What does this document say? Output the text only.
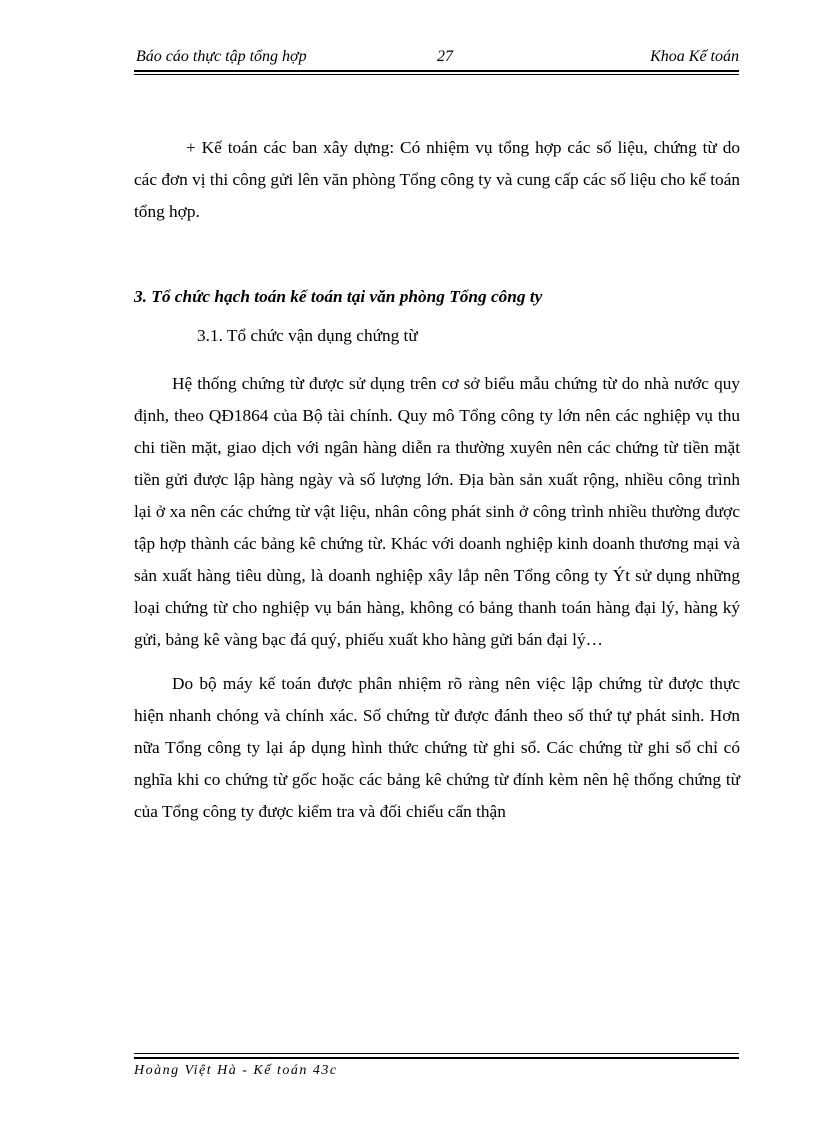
Báo cáo thực tập tổng hợp	27	Khoa Kế toán

+ Kế toán các ban xây dựng: Có nhiệm vụ tổng hợp các số liệu, chứng từ do các đơn vị thi công gửi lên văn phòng Tổng công ty và cung cấp các số liệu cho kế toán tổng hợp.

3. Tổ chức hạch toán kế toán tại văn phòng Tổng công ty
3.1. Tổ chức vận dụng chứng từ

Hệ thống chứng từ được sử dụng trên cơ sở biểu mẫu chứng từ do nhà nước quy định, theo QĐ1864 của Bộ tài chính. Quy mô Tổng công ty lớn nên các nghiệp vụ thu chi tiền mặt, giao dịch với ngân hàng diễn ra thường xuyên nên các chứng từ tiền mặt tiền gửi được lập hàng ngày và số lượng lớn. Địa bàn sản xuất rộng, nhiều công trình lại ở xa nên các chứng từ vật liệu, nhân công phát sinh ở công trình nhiều thường được tập hợp thành các bảng kê chứng từ. Khác với doanh nghiệp kinh doanh thương mại và sản xuất hàng tiêu dùng, là doanh nghiệp xây lắp nên Tổng công ty Ýt sử dụng những loại chứng từ cho nghiệp vụ bán hàng, không có bảng thanh toán hàng đại lý, hàng ký gửi, bảng kê vàng bạc đá quý, phiếu xuất kho hàng gửi bán đại lý…

Do bộ máy kế toán được phân nhiệm rõ ràng nên việc lập chứng từ được thực hiện nhanh chóng và chính xác. Số chứng từ được đánh theo số thứ tự phát sinh. Hơn nữa Tổng công ty lại áp dụng hình thức chứng từ ghi sổ. Các chứng từ ghi sổ chỉ có nghĩa khi co chứng từ gốc hoặc các bảng kê chứng từ đính kèm nên hệ thống chứng từ của Tổng công ty được kiểm tra và đối chiếu cẩn thận

Hoàng Việt Hà - Kế toán 43c
